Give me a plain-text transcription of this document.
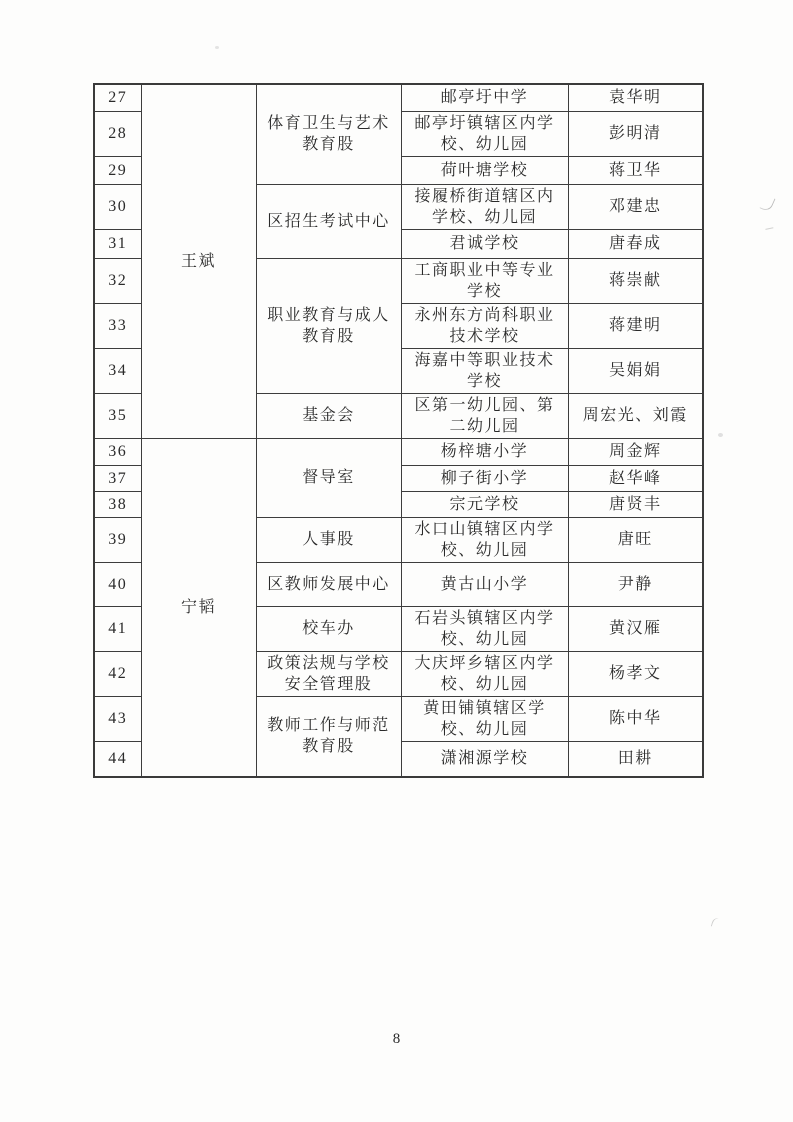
27	王斌	体育卫生与艺术教育股	邮亭圩中学	袁华明
28			邮亭圩镇辖区内学校、幼儿园	彭明清
29			荷叶塘学校	蒋卫华
30		区招生考试中心	接履桥街道辖区内学校、幼儿园	邓建忠
31			君诚学校	唐春成
32		职业教育与成人教育股	工商职业中等专业学校	蒋崇献
33			永州东方尚科职业技术学校	蒋建明
34			海嘉中等职业技术学校	吴娟娟
35		基金会	区第一幼儿园、第二幼儿园	周宏光、刘霞
36	宁韬	督导室	杨梓塘小学	周金辉
37			柳子街小学	赵华峰
38			宗元学校	唐贤丰
39		人事股	水口山镇辖区内学校、幼儿园	唐旺
40		区教师发展中心	黄古山小学	尹静
41		校车办	石岩头镇辖区内学校、幼儿园	黄汉雁
42		政策法规与学校安全管理股	大庆坪乡辖区内学校、幼儿园	杨孝文
43		教师工作与师范教育股	黄田铺镇辖区学校、幼儿园	陈中华
44			潇湘源学校	田耕
8
